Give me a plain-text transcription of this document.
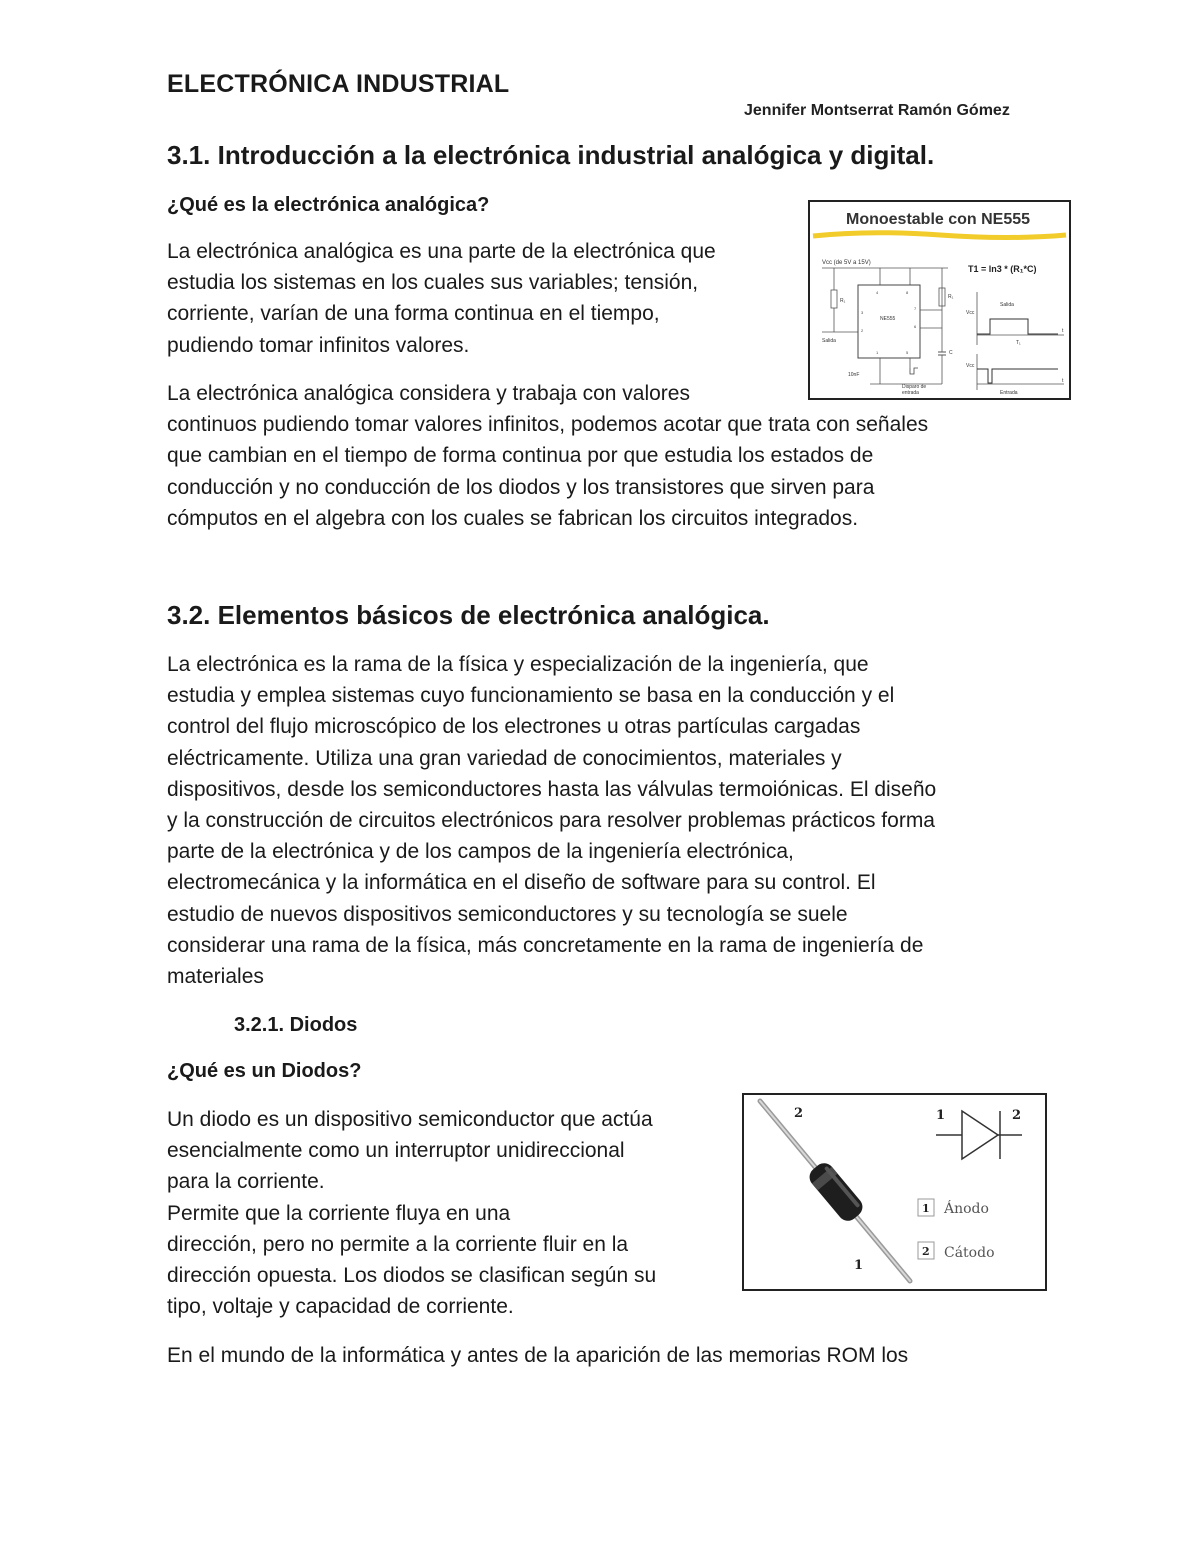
ELECTRÓNICA INDUSTRIAL
Jennifer Montserrat Ramón Gómez
3.1. Introducción a la electrónica industrial analógica y digital.
¿Qué es la electrónica analógica?
La electrónica analógica es una parte de la electrónica que
estudia los sistemas en los cuales sus variables; tensión,
corriente, varían de una forma continua en el tiempo,
pudiendo tomar infinitos valores.
La electrónica analógica considera y trabaja con valores
continuos pudiendo tomar valores infinitos, podemos acotar que trata con señales
que cambian en el tiempo de forma continua por que estudia los estados de
conducción y no conducción de los diodos y los transistores que sirven para
cómputos en el algebra con los cuales se fabrican los circuitos integrados.
Monoestable con NE555
Vcc (de 5V a 15V)
T1 = ln3 * (R₁*C)
R₁
Salida
NE555
4	8
7
6
2
3
1	5
R₁
C
10nF
Disparo de
entrada
Vcc
Salida
T₁
t
Vcc
Entrada
t
3.2. Elementos básicos de electrónica analógica.
La electrónica es la rama de la física y especialización de la ingeniería, que
estudia y emplea sistemas cuyo funcionamiento se basa en la conducción y el
control del flujo microscópico de los electrones u otras partículas cargadas
eléctricamente. Utiliza una gran variedad de conocimientos, materiales y
dispositivos, desde los semiconductores hasta las válvulas termoiónicas. El diseño
y la construcción de circuitos electrónicos para resolver problemas prácticos forma
parte de la electrónica y de los campos de la ingeniería electrónica,
electromecánica y la informática en el diseño de software para su control. El
estudio de nuevos dispositivos semiconductores y su tecnología se suele
considerar una rama de la física, más concretamente en la rama de ingeniería de
materiales
3.2.1. Diodos
¿Qué es un Diodos?
Un diodo es un dispositivo semiconductor que actúa
esencialmente como un interruptor unidireccional
para la corriente.
Permite que la corriente fluya en una
dirección, pero no permite a la corriente fluir en la
dirección opuesta. Los diodos se clasifican según su
tipo, voltaje y capacidad de corriente.
En el mundo de la informática y antes de la aparición de las memorias ROM los
2
1
1	2
1 Ánodo
2 Cátodo
